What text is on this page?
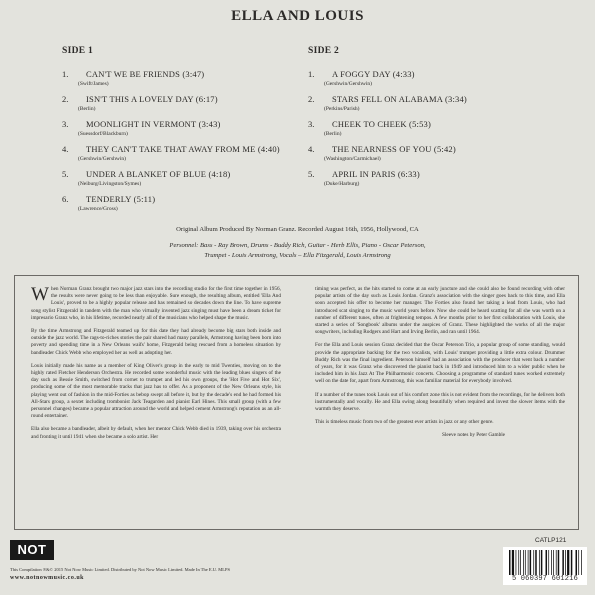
ELLA AND LOUIS
SIDE 1	SIDE 2
1. CAN'T WE BE FRIENDS (3:47)
(Swift/James)
2. ISN'T THIS A LOVELY DAY (6:17)
(Berlin)
3. MOONLIGHT IN VERMONT (3:43)
(Suessdorf/Blackburn)
4. THEY CAN'T TAKE THAT AWAY FROM ME (4:40)
(Gershwin/Gershwin)
5. UNDER A BLANKET OF BLUE (4:18)
(Neiburg/Livingston/Symes)
6. TENDERLY (5:11)
(Lawrence/Gross)
1. A FOGGY DAY (4:33)
(Gershwin/Gershwin)
2. STARS FELL ON ALABAMA (3:34)
(Perkins/Parish)
3. CHEEK TO CHEEK (5:53)
(Berlin)
4. THE NEARNESS OF YOU (5:42)
(Washington/Carmichael)
5. APRIL IN PARIS (6:33)
(Duke/Harburg)
Original Album Produced By Norman Granz. Recorded August 16th, 1956, Hollywood, CA
Personnel: Bass - Ray Brown, Drums - Buddy Rich, Guitar - Herb Ellis, Piano - Oscar Peterson,
Trumpet - Louis Armstrong, Vocals – Ella Fitzgerald, Louis Armstrong

When Norman Granz brought two major jazz stars into the recording studio for the first time together in 1956, the results were never going to be less than enjoyable. Sure enough, the resulting album, entitled 'Ella And Louis', proved to be a highly popular release and has remained so decades down the line. To have supreme song stylist Fitzgerald in tandem with the man who virtually invented jazz singing must have been a dream ticket for impresario Granz who, in his lifetime, recorded nearly all of the musicians who helped shape the music.

By the time Armstrong and Fitzgerald teamed up for this date they had already become big stars both inside and outside the jazz world. The rags-to-riches stories the pair shared had many parallels, Armstrong having been born into poverty and spending time in a New Orleans waifs' home, Fitzgerald being rescued from a homeless situation by bandleader Chick Webb who employed her as well as adopting her.

Louis initially made his name as a member of King Oliver's group in the early to mid Twenties, moving on to the highly rated Fletcher Henderson Orchestra. He recorded some wonderful music with the leading blues singers of the day such as Bessie Smith, switched from cornet to trumpet and led his own groups, the 'Hot Five and Hot Six', producing some of the most memorable tracks that jazz has to offer. As a proponent of the New Orleans style, his playing went out of fashion in the mid-Forties as bebop swept all before it, but by the decade's end he had formed his All-Stars group, a sextet including trombonist Jack Teagarden and pianist Earl Hines. This small group (with a few personnel changes) became a popular attraction around the world and helped cement Armstrong's reputation as an all-round entertainer.

Ella also became a bandleader, albeit by default, when her mentor Chick Webb died in 1939, taking over his orchestra and fronting it until 1941 when she became a solo artist. Her

timing was perfect, as the hits started to come at an early juncture and she could also be found recording with other popular artists of the day such as Louis Jordan. Granz's association with the singer goes back to this time, and Ella soon accepted his offer to become her manager. The Forties also found her taking a lead from Louis, who had introduced scat singing to the music world years before. Now she could be heard scatting for all she was worth on a number of different tunes, often at frightening tempos. A few months prior to her first collaboration with Louis, she started a series of 'Songbook' albums under the auspices of Granz. These highlighted the works of all the major songwriters, including Rodgers and Hart and Irving Berlin, and ran until 1964.

For the Ella and Louis session Granz decided that the Oscar Peterson Trio, a popular group of some standing, would provide the appropriate backing for the two vocalists, with Louis' trumpet providing a little extra colour. Drummer Buddy Rich was the final ingredient. Peterson himself had an association with the producer that went back a number of years, for it was Granz who discovered the pianist back in 1949 and introduced him to a wider public when he included him in his Jazz At The Philharmonic concerts. Choosing a programme of standard tunes worked extremely well on the date for, apart from Armstrong, this was familiar material for everybody involved.

If a number of the tunes took Louis out of his comfort zone this is not evident from the recordings, for he delivers both instrumentally and vocally. He and Ella swing along beautifully when required and invest the slower items with the warmth they deserve.

This is timeless music from two of the greatest ever artists in jazz or any other genre.

Sleeve notes by Peter Gamble

NOT
This Compilation ℗&© 2015 Not Now Music Limited. Distributed by Not Now Music Limited. Made In The E.U. MLPS
www.notnowmusic.co.uk
CATLP121
5 060397 601216
